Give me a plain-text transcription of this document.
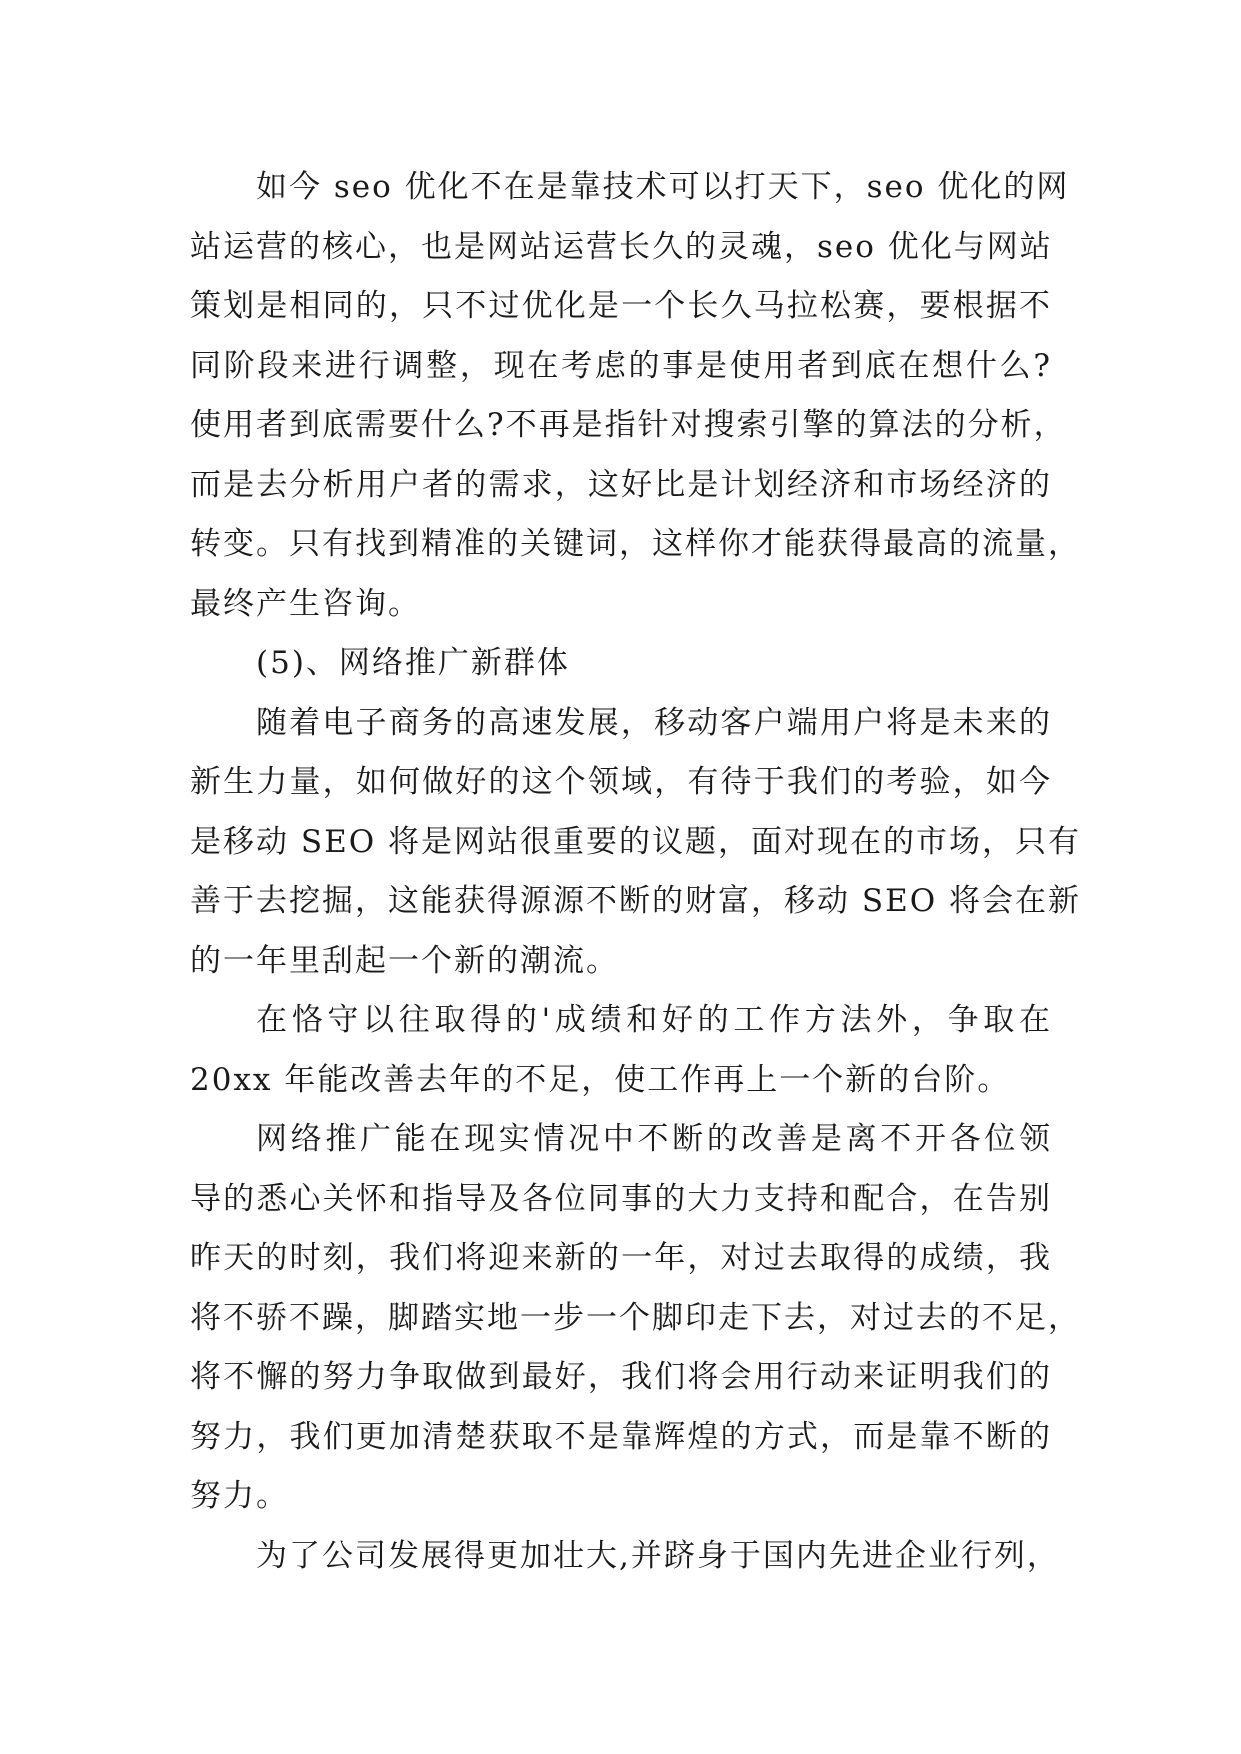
如今 seo 优化不在是靠技术可以打天下，seo 优化的网
站运营的核心，也是网站运营长久的灵魂，seo 优化与网站
策划是相同的，只不过优化是一个长久马拉松赛，要根据不
同阶段来进行调整，现在考虑的事是使用者到底在想什么?
使用者到底需要什么?不再是指针对搜索引擎的算法的分析，
而是去分析用户者的需求，这好比是计划经济和市场经济的
转变。只有找到精准的关键词，这样你才能获得最高的流量，
最终产生咨询。
(5)、网络推广新群体
随着电子商务的高速发展，移动客户端用户将是未来的
新生力量，如何做好的这个领域，有待于我们的考验，如今
是移动 SEO 将是网站很重要的议题，面对现在的市场，只有
善于去挖掘，这能获得源源不断的财富，移动 SEO 将会在新
的一年里刮起一个新的潮流。
在恪守以往取得的'成绩和好的工作方法外，争取在
20xx 年能改善去年的不足，使工作再上一个新的台阶。
网络推广能在现实情况中不断的改善是离不开各位领
导的悉心关怀和指导及各位同事的大力支持和配合，在告别
昨天的时刻，我们将迎来新的一年，对过去取得的成绩，我
将不骄不躁，脚踏实地一步一个脚印走下去，对过去的不足，
将不懈的努力争取做到最好，我们将会用行动来证明我们的
努力，我们更加清楚获取不是靠辉煌的方式，而是靠不断的
努力。
为了公司发展得更加壮大,并跻身于国内先进企业行列，
